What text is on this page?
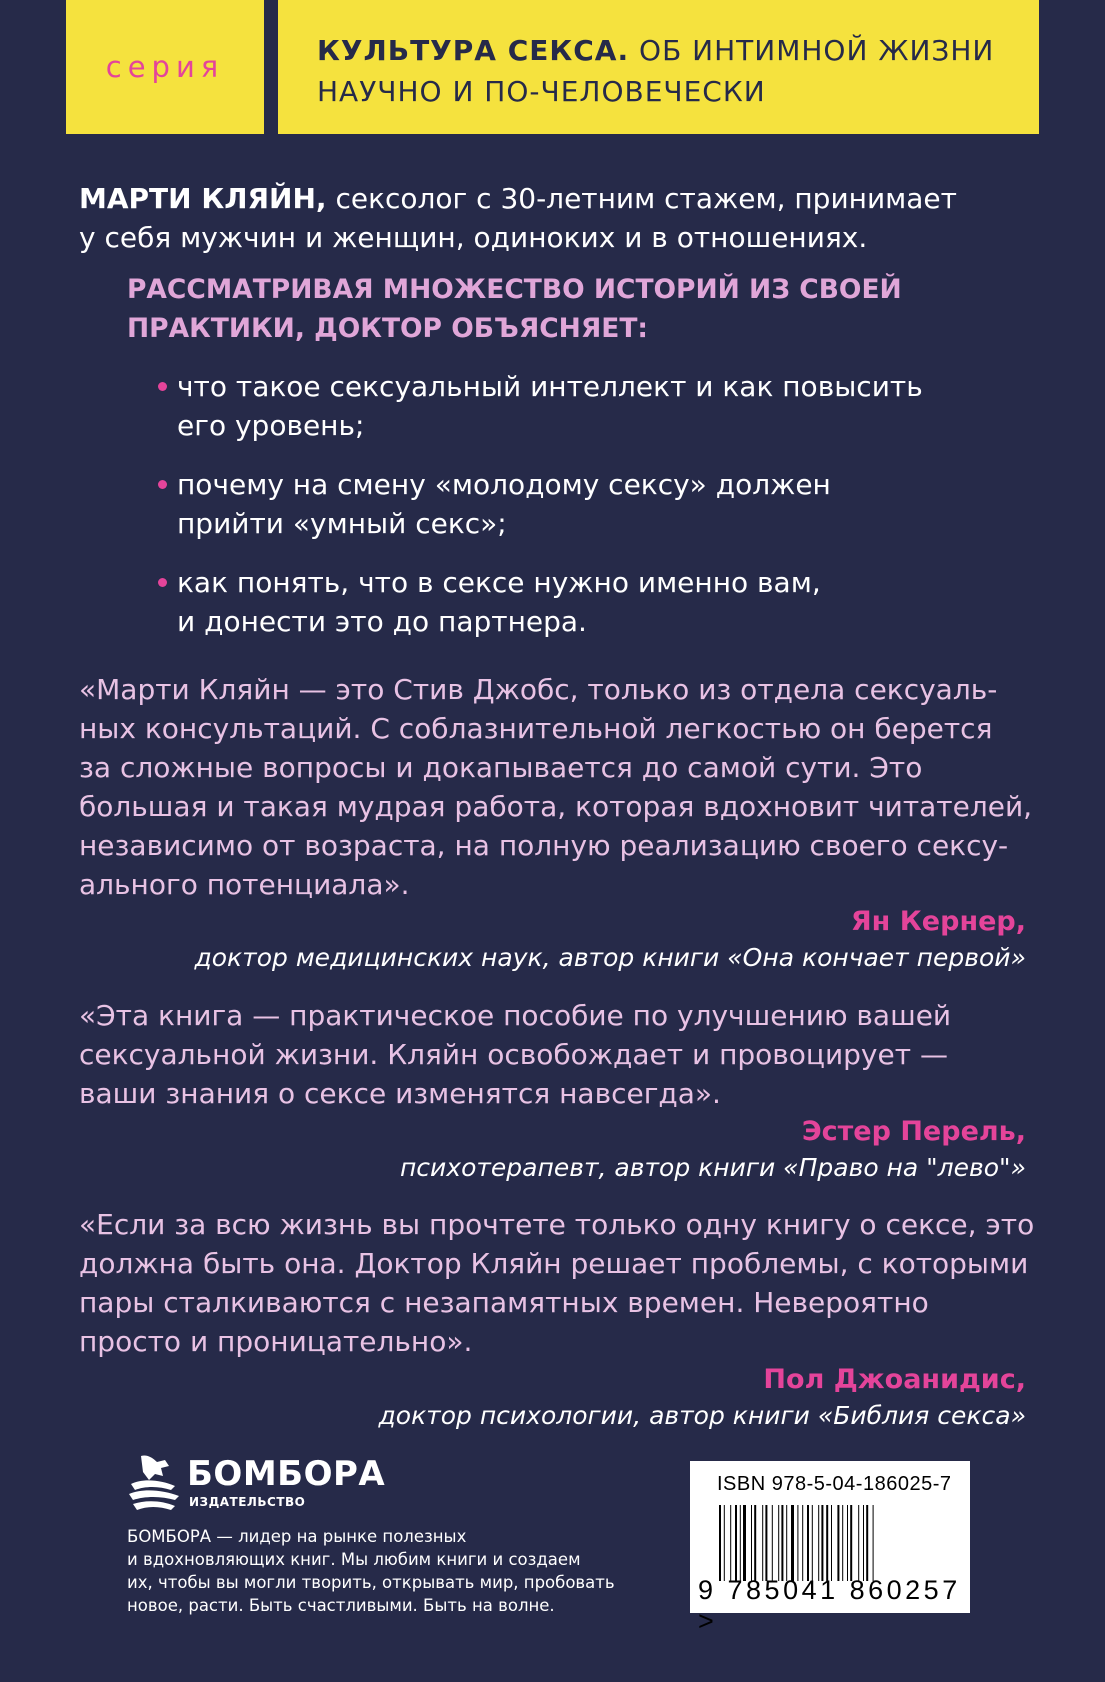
серия	КУЛЬТУРА СЕКСА. ОБ ИНТИМНОЙ ЖИЗНИ
НАУЧНО И ПО-ЧЕЛОВЕЧЕСКИ
МАРТИ КЛЯЙН, сексолог с 30-летним стажем, принимает у себя мужчин и женщин, одиноких и в отношениях.
РАССМАТРИВАЯ МНОЖЕСТВО ИСТОРИЙ ИЗ СВОЕЙ ПРАКТИКИ, ДОКТОР ОБЪЯСНЯЕТ:
что такое сексуальный интеллект и как повысить
его уровень;
почему на смену «молодому сексу» должен
прийти «умный секс»;
как понять, что в сексе нужно именно вам,
и донести это до партнера.
«Марти Кляйн — это Стив Джобс, только из отдела сексуаль-
ных консультаций. С соблазнительной легкостью он берется
за сложные вопросы и докапывается до самой сути. Это
большая и такая мудрая работа, которая вдохновит читателей,
независимо от возраста, на полную реализацию своего сексу-
ального потенциала».
Ян Кернер,
доктор медицинских наук, автор книги «Она кончает первой»
«Эта книга — практическое пособие по улучшению вашей
сексуальной жизни. Кляйн освобождает и провоцирует —
ваши знания о сексе изменятся навсегда».
Эстер Перель,
психотерапевт, автор книги «Право на "лево"»
«Если за всю жизнь вы прочтете только одну книгу о сексе, это
должна быть она. Доктор Кляйн решает проблемы, с которыми
пары сталкиваются с незапамятных времен. Невероятно
просто и проницательно».
Пол Джоанидис,
доктор психологии, автор книги «Библия секса»
БОМБОРА
ИЗДАТЕЛЬСТВО
БОМБОРА — лидер на рынке полезных
и вдохновляющих книг. Мы любим книги и создаем
их, чтобы вы могли творить, открывать мир, пробовать
новое, расти. Быть счастливыми. Быть на волне.
ISBN 978-5-04-186025-7
9 785041 860257 >
